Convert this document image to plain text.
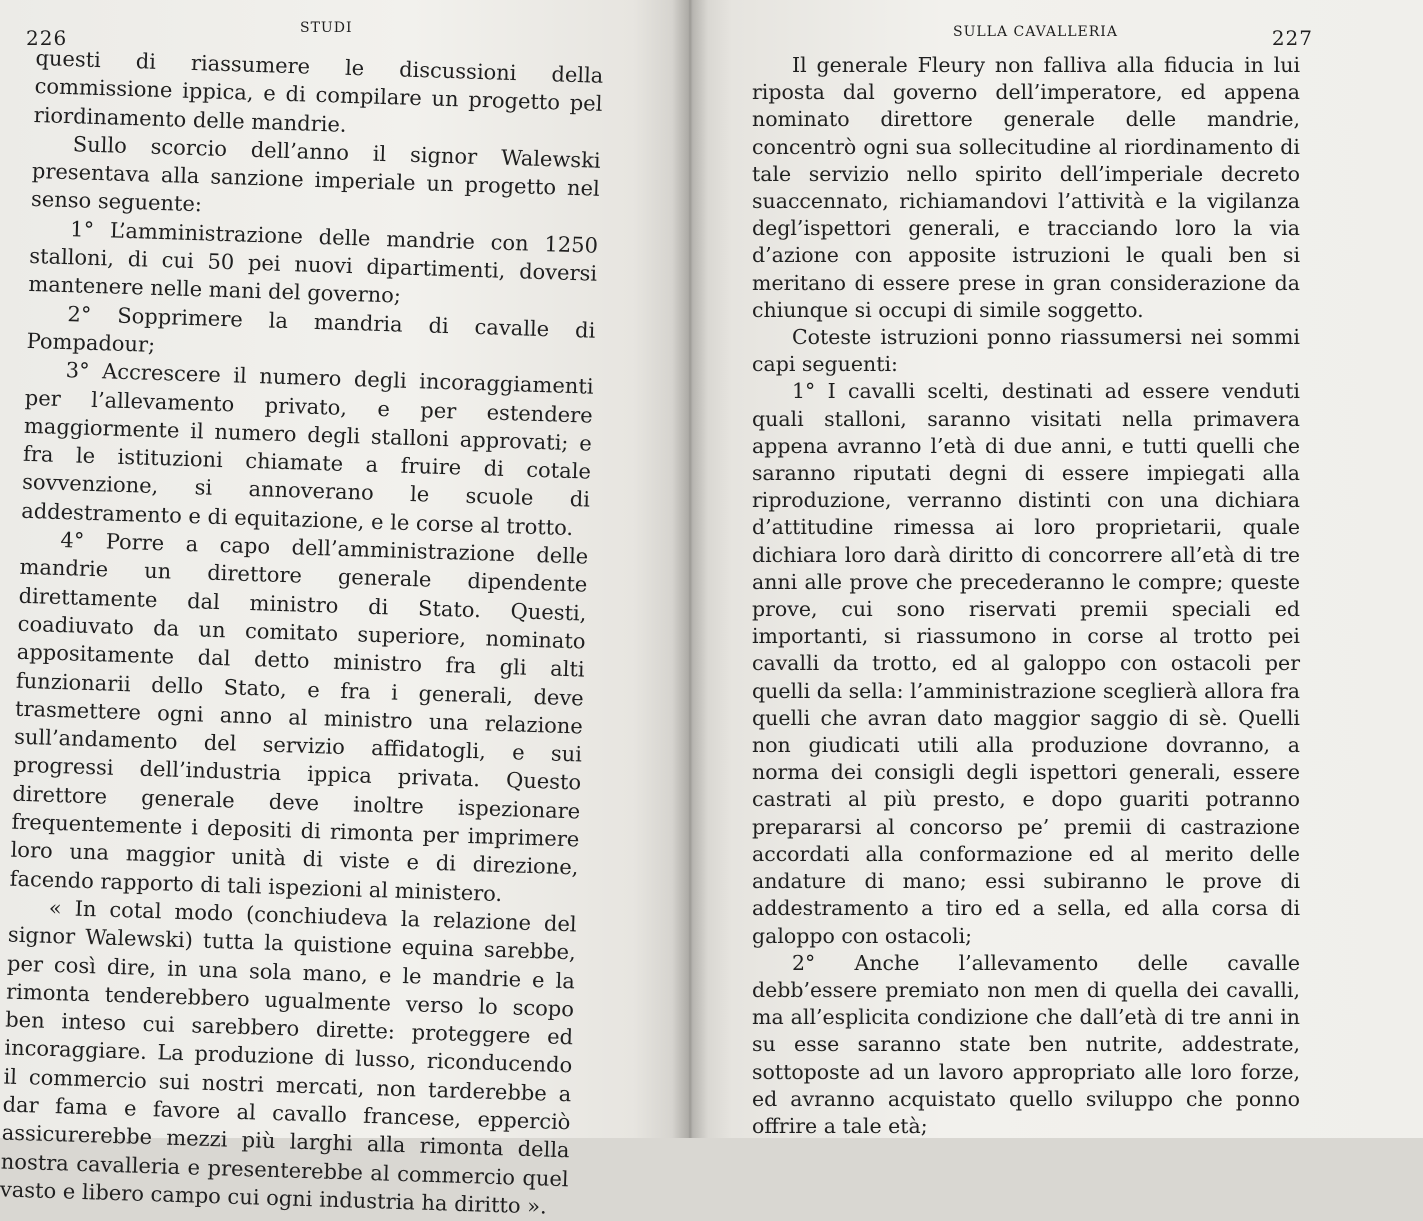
226	STUDI

questi di riassumere le discussioni della commissione ippica, e di compilare un progetto pel riordinamento delle mandrie.

Sullo scorcio dell’anno il signor Walewski presentava alla sanzione imperiale un progetto nel senso seguente:

1° L’amministrazione delle mandrie con 1250 stalloni, di cui 50 pei nuovi dipartimenti, doversi mantenere nelle mani del governo;

2° Sopprimere la mandria di cavalle di Pompadour;

3° Accrescere il numero degli incoraggiamenti per l’allevamento privato, e per estendere maggiormente il numero degli stalloni approvati; e fra le istituzioni chiamate a fruire di cotale sovvenzione, si annoverano le scuole di addestramento e di equitazione, e le corse al trotto.

4° Porre a capo dell’amministrazione delle mandrie un direttore generale dipendente direttamente dal ministro di Stato. Questi, coadiuvato da un comitato superiore, nominato appositamente dal detto ministro fra gli alti funzionarii dello Stato, e fra i generali, deve trasmettere ogni anno al ministro una relazione sull’andamento del servizio affidatogli, e sui progressi dell’industria ippica privata. Questo direttore generale deve inoltre ispezionare frequentemente i depositi di rimonta per imprimere loro una maggior unità di viste e di direzione, facendo rapporto di tali ispezioni al ministero.

« In cotal modo (conchiudeva la relazione del signor Walewski) tutta la quistione equina sarebbe, per così dire, in una sola mano, e le mandrie e la rimonta tenderebbero ugualmente verso lo scopo ben inteso cui sarebbero dirette: proteggere ed incoraggiare. La produzione di lusso, riconducendo il commercio sui nostri mercati, non tarderebbe a dar fama e favore al cavallo francese, epperciò assicurerebbe mezzi più larghi alla rimonta della nostra cavalleria e presenterebbe al commercio quel vasto e libero campo cui ogni industria ha diritto ».

SULLA CAVALLERIA	227

Il generale Fleury non falliva alla fiducia in lui riposta dal governo dell’imperatore, ed appena nominato direttore generale delle mandrie, concentrò ogni sua sollecitudine al riordinamento di tale servizio nello spirito dell’imperiale decreto suaccennato, richiamandovi l’attività e la vigilanza degl’ispettori generali, e tracciando loro la via d’azione con apposite istruzioni le quali ben si meritano di essere prese in gran considerazione da chiunque si occupi di simile soggetto.

Coteste istruzioni ponno riassumersi nei sommi capi seguenti:

1° I cavalli scelti, destinati ad essere venduti quali stalloni, saranno visitati nella primavera appena avranno l’età di due anni, e tutti quelli che saranno riputati degni di essere impiegati alla riproduzione, verranno distinti con una dichiara d’attitudine rimessa ai loro proprietarii, quale dichiara loro darà diritto di concorrere all’età di tre anni alle prove che precederanno le compre; queste prove, cui sono riservati premii speciali ed importanti, si riassumono in corse al trotto pei cavalli da trotto, ed al galoppo con ostacoli per quelli da sella: l’amministrazione sceglierà allora fra quelli che avran dato maggior saggio di sè. Quelli non giudicati utili alla produzione dovranno, a norma dei consigli degli ispettori generali, essere castrati al più presto, e dopo guariti potranno prepararsi al concorso pe’ premii di castrazione accordati alla conformazione ed al merito delle andature di mano; essi subiranno le prove di addestramento a tiro ed a sella, ed alla corsa di galoppo con ostacoli;

2° Anche l’allevamento delle cavalle debb’essere premiato non men di quella dei cavalli, ma all’esplicita condizione che dall’età di tre anni in su esse saranno state ben nutrite, addestrate, sottoposte ad un lavoro appropriato alle loro forze, ed avranno acquistato quello sviluppo che ponno offrire a tale età;
